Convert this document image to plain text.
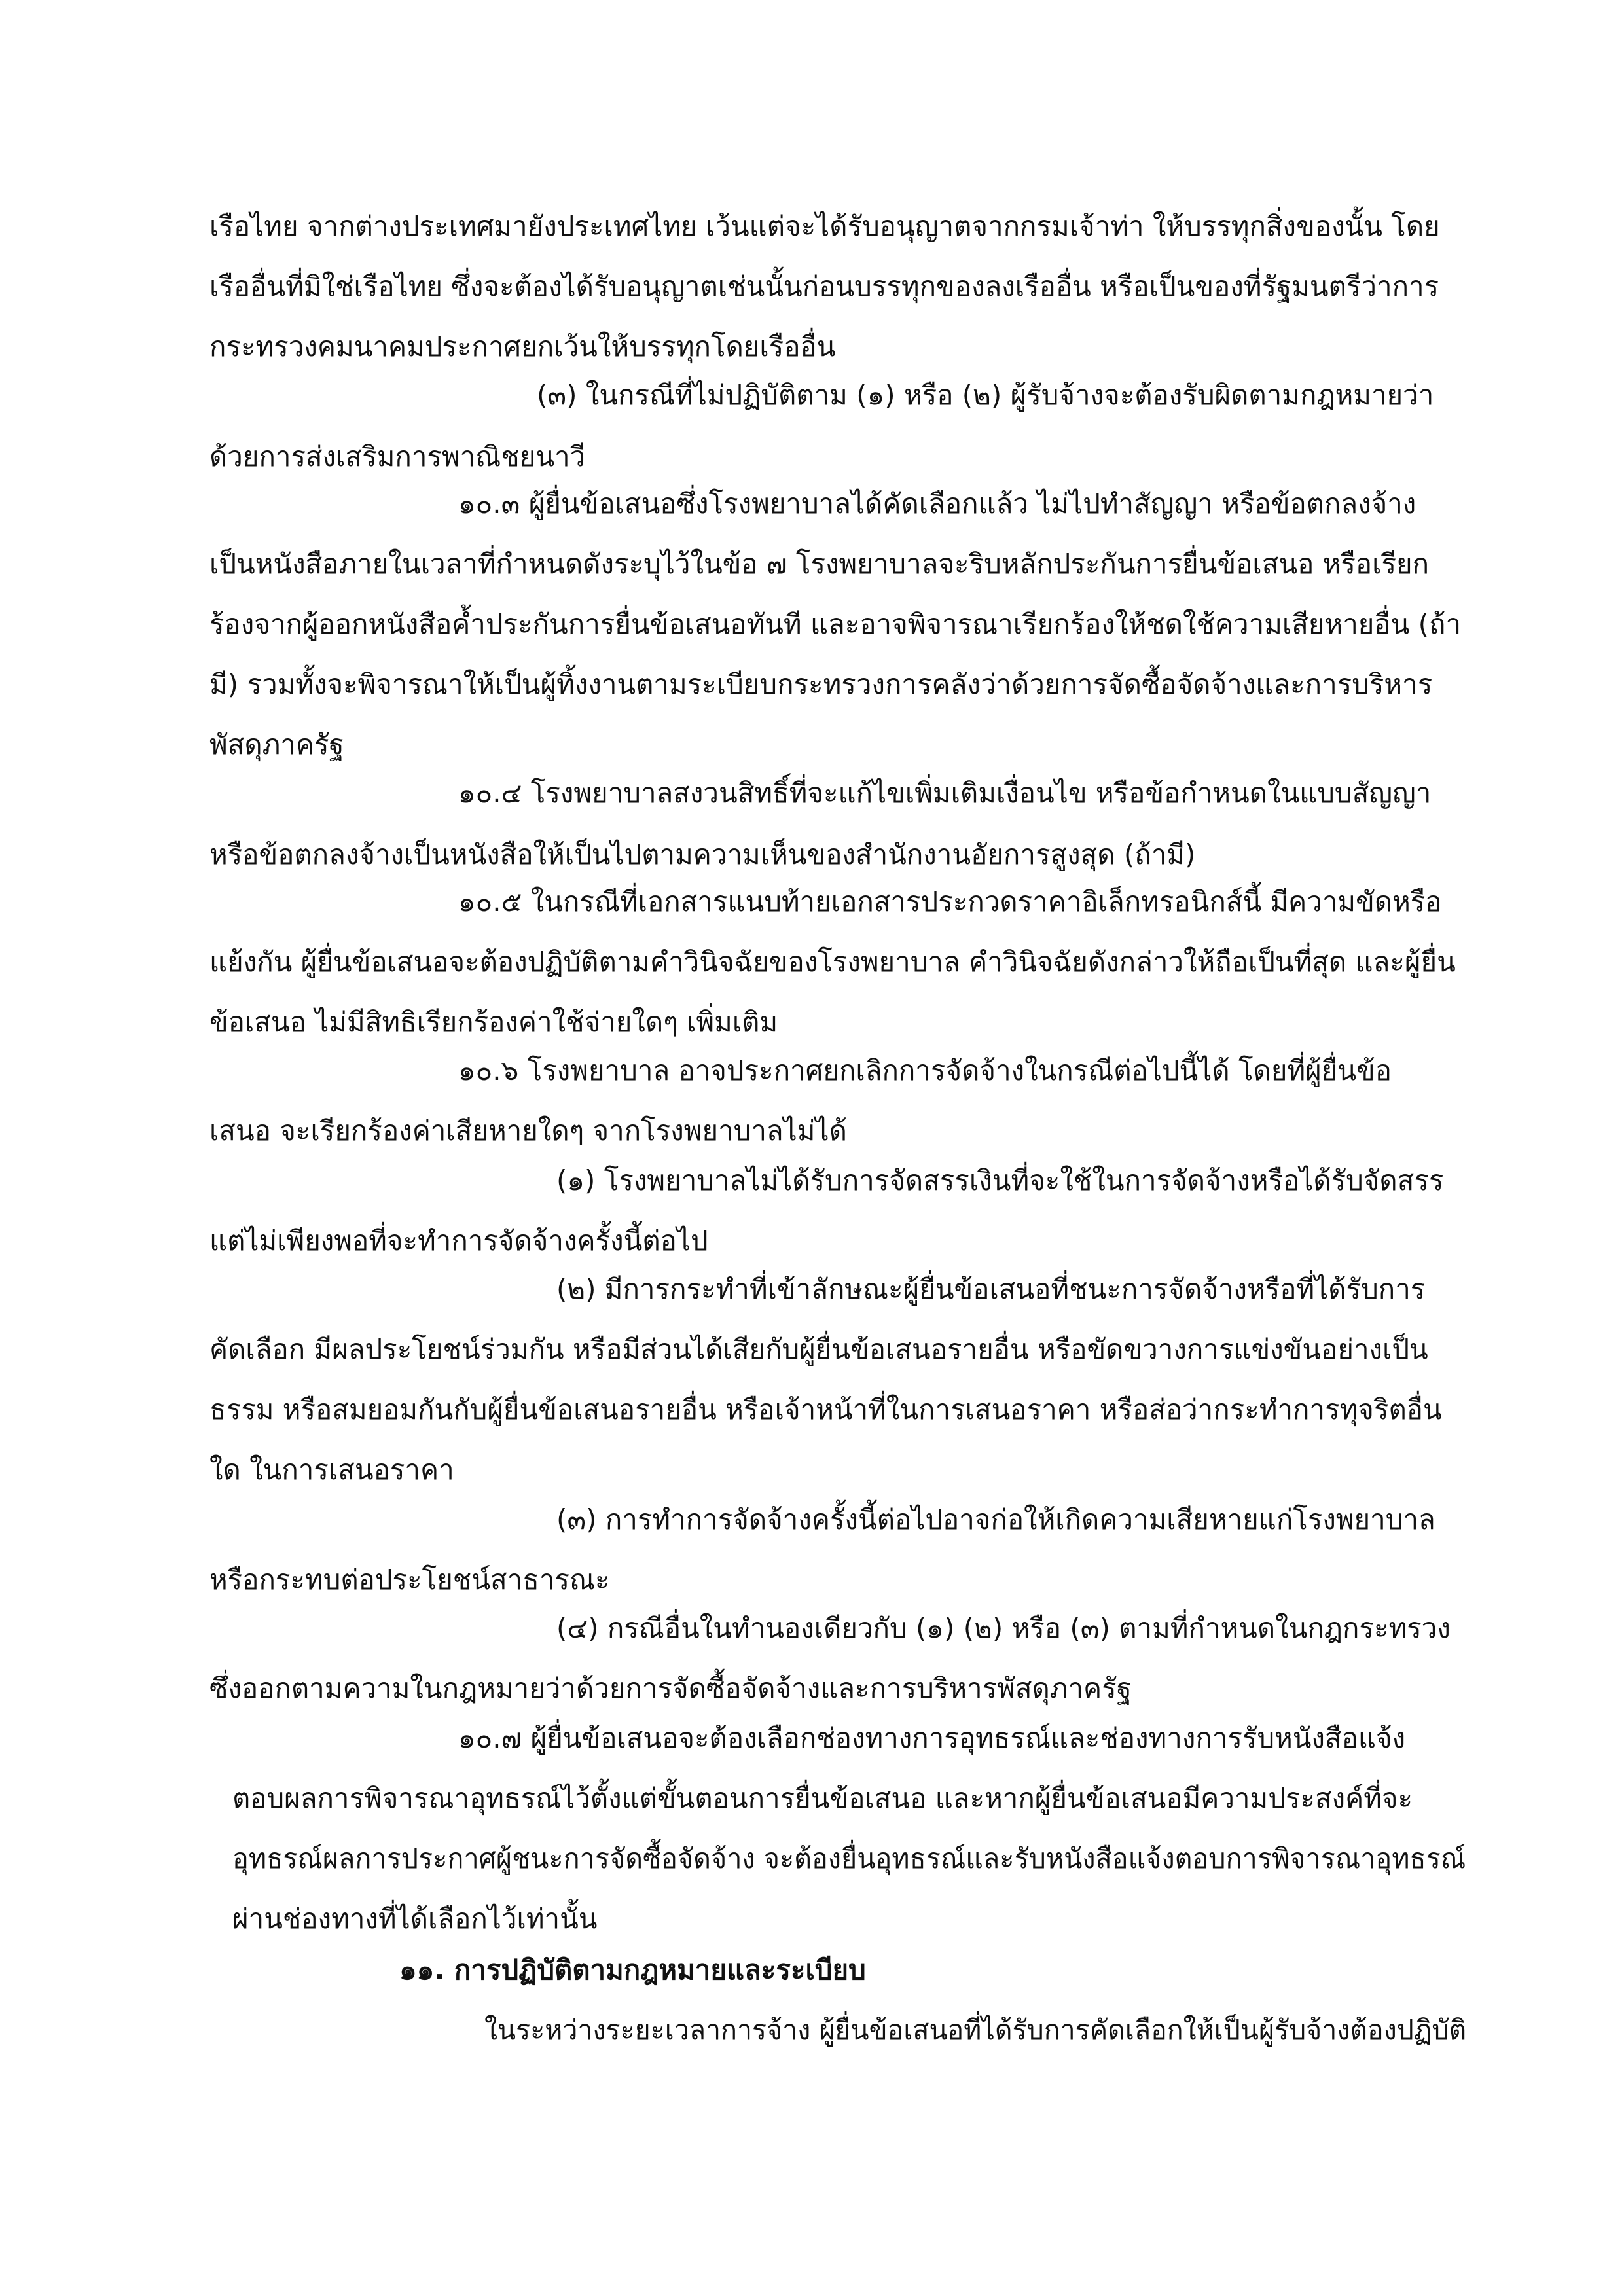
เรือไทย จากต่างประเทศมายังประเทศไทย เว้นแต่จะได้รับอนุญาตจากกรมเจ้าท่า ให้บรรทุกสิ่งของนั้น โดย
เรืออื่นที่มิใช่เรือไทย ซึ่งจะต้องได้รับอนุญาตเช่นนั้นก่อนบรรทุกของลงเรืออื่น หรือเป็นของที่รัฐมนตรีว่าการ
กระทรวงคมนาคมประกาศยกเว้นให้บรรทุกโดยเรืออื่น
(๓) ในกรณีที่ไม่ปฏิบัติตาม (๑) หรือ (๒) ผู้รับจ้างจะต้องรับผิดตามกฎหมายว่า
ด้วยการส่งเสริมการพาณิชยนาวี
๑๐.๓ ผู้ยื่นข้อเสนอซึ่งโรงพยาบาลได้คัดเลือกแล้ว ไม่ไปทำสัญญา หรือข้อตกลงจ้าง
เป็นหนังสือภายในเวลาที่กำหนดดังระบุไว้ในข้อ ๗ โรงพยาบาลจะริบหลักประกันการยื่นข้อเสนอ หรือเรียก
ร้องจากผู้ออกหนังสือค้ำประกันการยื่นข้อเสนอทันที และอาจพิจารณาเรียกร้องให้ชดใช้ความเสียหายอื่น (ถ้า
มี) รวมทั้งจะพิจารณาให้เป็นผู้ทิ้งงานตามระเบียบกระทรวงการคลังว่าด้วยการจัดซื้อจัดจ้างและการบริหาร
พัสดุภาครัฐ
๑๐.๔ โรงพยาบาลสงวนสิทธิ์ที่จะแก้ไขเพิ่มเติมเงื่อนไข หรือข้อกำหนดในแบบสัญญา
หรือข้อตกลงจ้างเป็นหนังสือให้เป็นไปตามความเห็นของสำนักงานอัยการสูงสุด (ถ้ามี)
๑๐.๕ ในกรณีที่เอกสารแนบท้ายเอกสารประกวดราคาอิเล็กทรอนิกส์นี้ มีความขัดหรือ
แย้งกัน ผู้ยื่นข้อเสนอจะต้องปฏิบัติตามคำวินิจฉัยของโรงพยาบาล คำวินิจฉัยดังกล่าวให้ถือเป็นที่สุด และผู้ยื่น
ข้อเสนอ ไม่มีสิทธิเรียกร้องค่าใช้จ่ายใดๆ เพิ่มเติม
๑๐.๖ โรงพยาบาล อาจประกาศยกเลิกการจัดจ้างในกรณีต่อไปนี้ได้ โดยที่ผู้ยื่นข้อ
เสนอ จะเรียกร้องค่าเสียหายใดๆ จากโรงพยาบาลไม่ได้
(๑) โรงพยาบาลไม่ได้รับการจัดสรรเงินที่จะใช้ในการจัดจ้างหรือได้รับจัดสรร
แต่ไม่เพียงพอที่จะทำการจัดจ้างครั้งนี้ต่อไป
(๒) มีการกระทำที่เข้าลักษณะผู้ยื่นข้อเสนอที่ชนะการจัดจ้างหรือที่ได้รับการ
คัดเลือก มีผลประโยชน์ร่วมกัน หรือมีส่วนได้เสียกับผู้ยื่นข้อเสนอรายอื่น หรือขัดขวางการแข่งขันอย่างเป็น
ธรรม หรือสมยอมกันกับผู้ยื่นข้อเสนอรายอื่น หรือเจ้าหน้าที่ในการเสนอราคา หรือส่อว่ากระทำการทุจริตอื่น
ใด ในการเสนอราคา
(๓) การทำการจัดจ้างครั้งนี้ต่อไปอาจก่อให้เกิดความเสียหายแก่โรงพยาบาล
หรือกระทบต่อประโยชน์สาธารณะ
(๔) กรณีอื่นในทำนองเดียวกับ (๑) (๒) หรือ (๓) ตามที่กำหนดในกฎกระทรวง
ซึ่งออกตามความในกฎหมายว่าด้วยการจัดซื้อจัดจ้างและการบริหารพัสดุภาครัฐ
๑๐.๗ ผู้ยื่นข้อเสนอจะต้องเลือกช่องทางการอุทธรณ์และช่องทางการรับหนังสือแจ้ง
ตอบผลการพิจารณาอุทธรณ์ไว้ตั้งแต่ขั้นตอนการยื่นข้อเสนอ และหากผู้ยื่นข้อเสนอมีความประสงค์ที่จะ
อุทธรณ์ผลการประกาศผู้ชนะการจัดซื้อจัดจ้าง จะต้องยื่นอุทธรณ์และรับหนังสือแจ้งตอบการพิจารณาอุทธรณ์
ผ่านช่องทางที่ได้เลือกไว้เท่านั้น
๑๑. การปฏิบัติตามกฎหมายและระเบียบ
ในระหว่างระยะเวลาการจ้าง ผู้ยื่นข้อเสนอที่ได้รับการคัดเลือกให้เป็นผู้รับจ้างต้องปฏิบัติ
